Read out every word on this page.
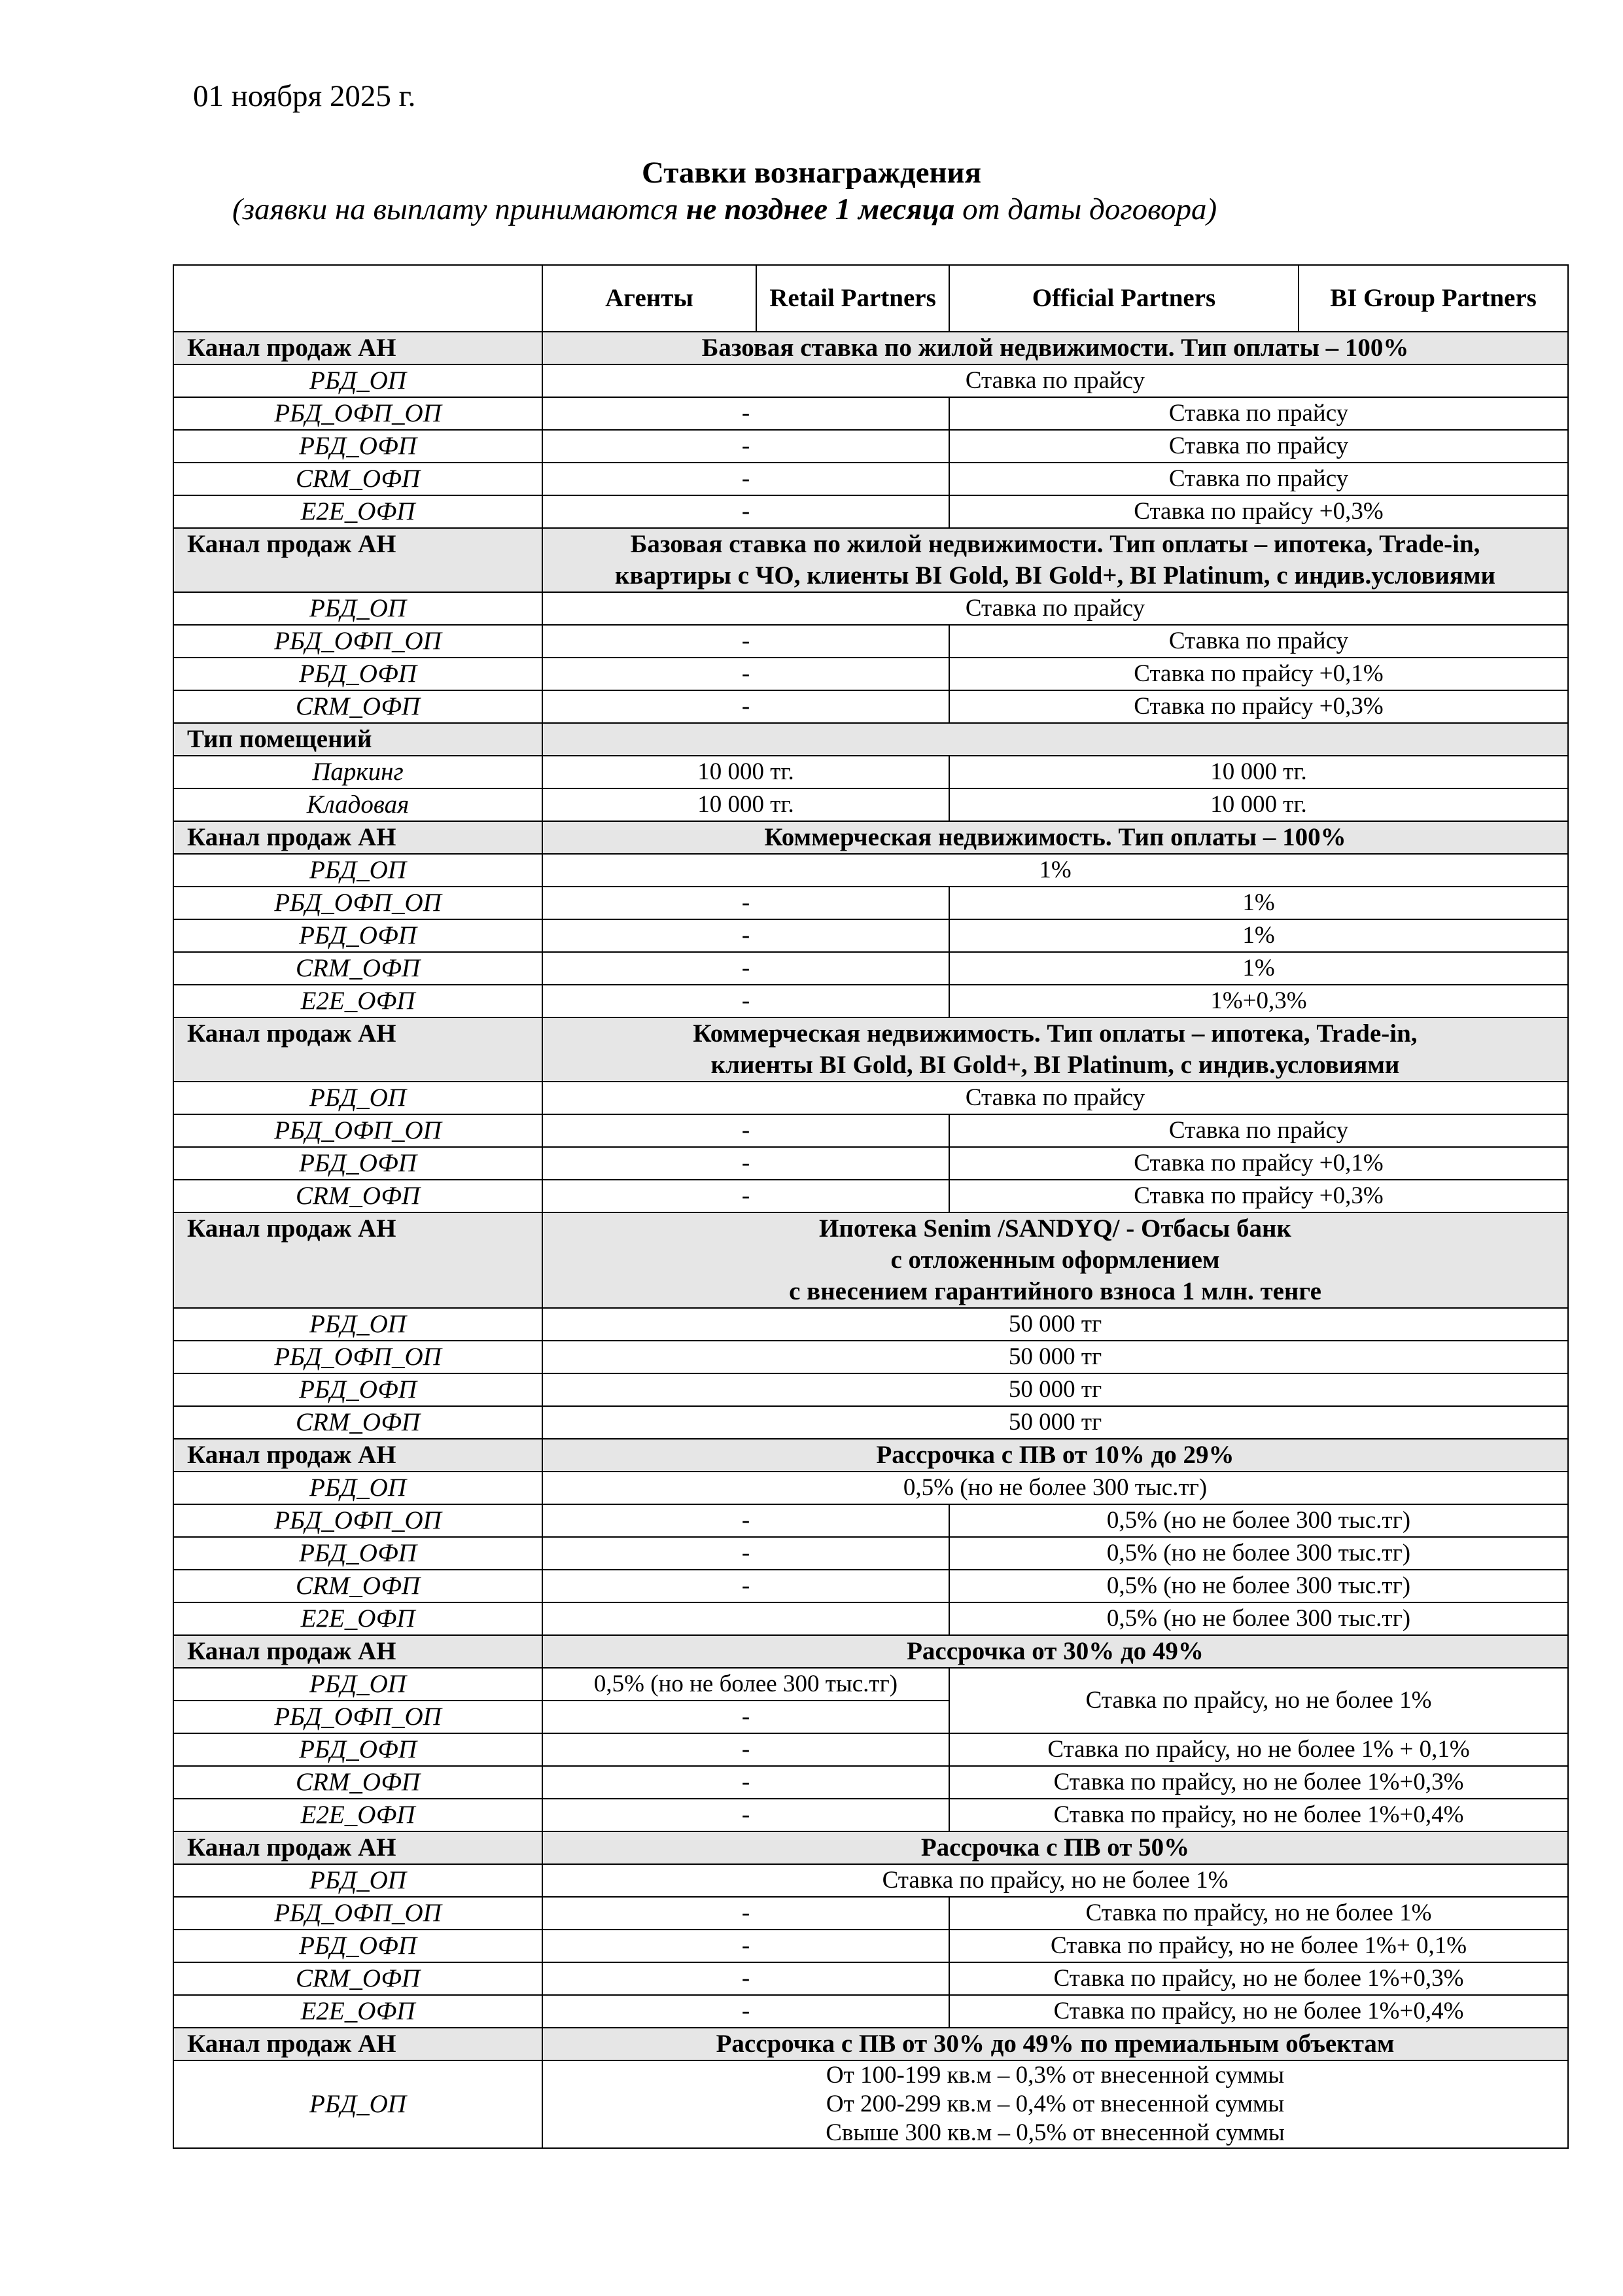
01 ноября 2025 г.
Ставки вознаграждения
(заявки на выплату принимаются не позднее 1 месяца от даты договора)
	Агенты	Retail Partners	Official Partners	BI Group Partners
Канал продаж АН	Базовая ставка по жилой недвижимости. Тип оплаты – 100%			

РБД_ОП	Ставка по прайсу			
РБД_ОФП_ОП	-		Ставка по прайсу	
РБД_ОФП	-		Ставка по прайсу	
CRM_ОФП	-		Ставка по прайсу	
E2E_ОФП	-		Ставка по прайсу +0,3%	
Канал продаж АН	Базовая ставка по жилой недвижимости. Тип оплаты – ипотека, Trade-in,
квартиры с ЧО, клиенты BI Gold, BI Gold+, BI Platinum, с индив.условиями			

РБД_ОП	Ставка по прайсу			
РБД_ОФП_ОП	-		Ставка по прайсу	
РБД_ОФП	-		Ставка по прайсу +0,1%	
CRM_ОФП	-		Ставка по прайсу +0,3%	
Тип помещений				

Паркинг	10 000 тг.		10 000 тг.	
Кладовая	10 000 тг.		10 000 тг.	
Канал продаж АН	Коммерческая недвижимость. Тип оплаты – 100%			

РБД_ОП	1%			
РБД_ОФП_ОП	-		1%	
РБД_ОФП	-		1%	
CRM_ОФП	-		1%	
E2E_ОФП	-		1%+0,3%	
Канал продаж АН	Коммерческая недвижимость. Тип оплаты – ипотека, Trade-in,
клиенты BI Gold, BI Gold+, BI Platinum, с индив.условиями			

РБД_ОП	Ставка по прайсу			
РБД_ОФП_ОП	-		Ставка по прайсу	
РБД_ОФП	-		Ставка по прайсу +0,1%	
CRM_ОФП	-		Ставка по прайсу +0,3%	
Канал продаж АН	Ипотека Senim /SANDYQ/ - Отбасы банк
с отложенным оформлением
с внесением гарантийного взноса 1 млн. тенге			

РБД_ОП	50 000 тг			
РБД_ОФП_ОП	50 000 тг			
РБД_ОФП	50 000 тг			
CRM_ОФП	50 000 тг			
Канал продаж АН	Рассрочка с ПВ от 10% до 29%			

РБД_ОП	0,5% (но не более 300 тыс.тг)			
РБД_ОФП_ОП	-		0,5% (но не более 300 тыс.тг)	
РБД_ОФП	-		0,5% (но не более 300 тыс.тг)	
CRM_ОФП	-		0,5% (но не более 300 тыс.тг)	
E2E_ОФП			0,5% (но не более 300 тыс.тг)	
Канал продаж АН	Рассрочка от 30% до 49%			

РБД_ОП	0,5% (но не более 300 тыс.тг)		Ставка по прайсу, но не более 1%	
РБД_ОФП_ОП	-			
РБД_ОФП	-		Ставка по прайсу, но не более 1% + 0,1%	
CRM_ОФП	-		Ставка по прайсу, но не более 1%+0,3%	
E2E_ОФП	-		Ставка по прайсу, но не более 1%+0,4%	
Канал продаж АН	Рассрочка с ПВ от 50%			

РБД_ОП	Ставка по прайсу, но не более 1%			
РБД_ОФП_ОП	-		Ставка по прайсу, но не более 1%	
РБД_ОФП	-		Ставка по прайсу, но не более 1%+ 0,1%	
CRM_ОФП	-		Ставка по прайсу, но не более 1%+0,3%	
E2E_ОФП	-		Ставка по прайсу, но не более 1%+0,4%	
Канал продаж АН	Рассрочка с ПВ от 30% до 49% по премиальным объектам			

РБД_ОП	От 100-199 кв.м – 0,3% от внесенной суммы
От 200-299 кв.м – 0,4% от внесенной суммы
Свыше 300 кв.м – 0,5% от внесенной суммы			
